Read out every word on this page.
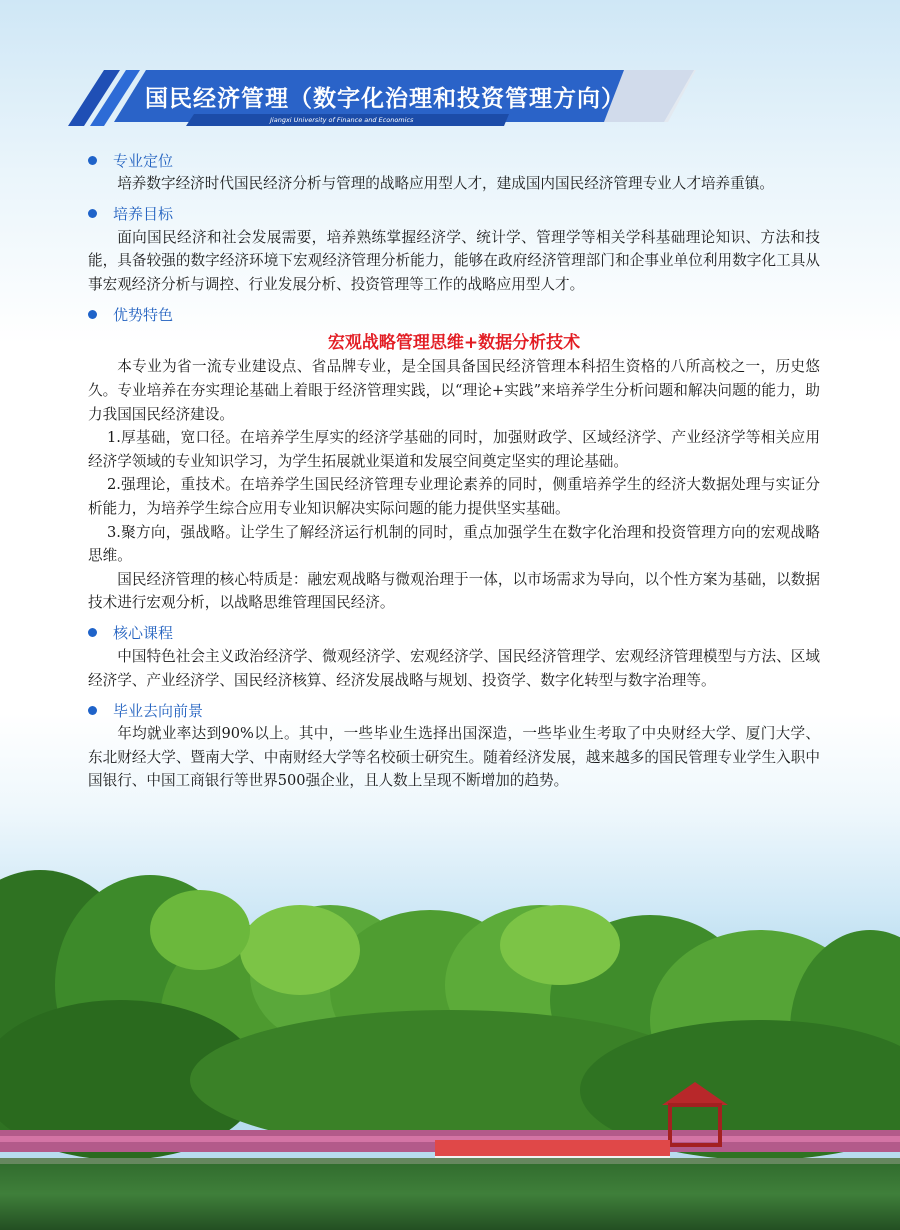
国民经济管理（数字化治理和投资管理方向）
Jiangxi University of Finance and Economics
专业定位

培养数字经济时代国民经济分析与管理的战略应用型人才，建成国内国民经济管理专业人才培养重镇。

培养目标

面向国民经济和社会发展需要，培养熟练掌握经济学、统计学、管理学等相关学科基础理论知识、方法和技能，具备较强的数字经济环境下宏观经济管理分析能力，能够在政府经济管理部门和企事业单位利用数字化工具从事宏观经济分析与调控、行业发展分析、投资管理等工作的战略应用型人才。

优势特色
宏观战略管理思维+数据分析技术

本专业为省一流专业建设点、省品牌专业，是全国具备国民经济管理本科招生资格的八所高校之一，历史悠久。专业培养在夯实理论基础上着眼于经济管理实践，以“理论+实践”来培养学生分析问题和解决问题的能力，助力我国国民经济建设。

1.厚基础，宽口径。在培养学生厚实的经济学基础的同时，加强财政学、区域经济学、产业经济学等相关应用经济学领域的专业知识学习，为学生拓展就业渠道和发展空间奠定坚实的理论基础。

2.强理论，重技术。在培养学生国民经济管理专业理论素养的同时，侧重培养学生的经济大数据处理与实证分析能力，为培养学生综合应用专业知识解决实际问题的能力提供坚实基础。

3.聚方向，强战略。让学生了解经济运行机制的同时，重点加强学生在数字化治理和投资管理方向的宏观战略思维。

国民经济管理的核心特质是：融宏观战略与微观治理于一体，以市场需求为导向，以个性方案为基础，以数据技术进行宏观分析，以战略思维管理国民经济。

核心课程

中国特色社会主义政治经济学、微观经济学、宏观经济学、国民经济管理学、宏观经济管理模型与方法、区域经济学、产业经济学、国民经济核算、经济发展战略与规划、投资学、数字化转型与数字治理等。

毕业去向前景

年均就业率达到90%以上。其中，一些毕业生选择出国深造，一些毕业生考取了中央财经大学、厦门大学、东北财经大学、暨南大学、中南财经大学等名校硕士研究生。随着经济发展，越来越多的国民管理专业学生入职中国银行、中国工商银行等世界500强企业，且人数上呈现不断增加的趋势。
